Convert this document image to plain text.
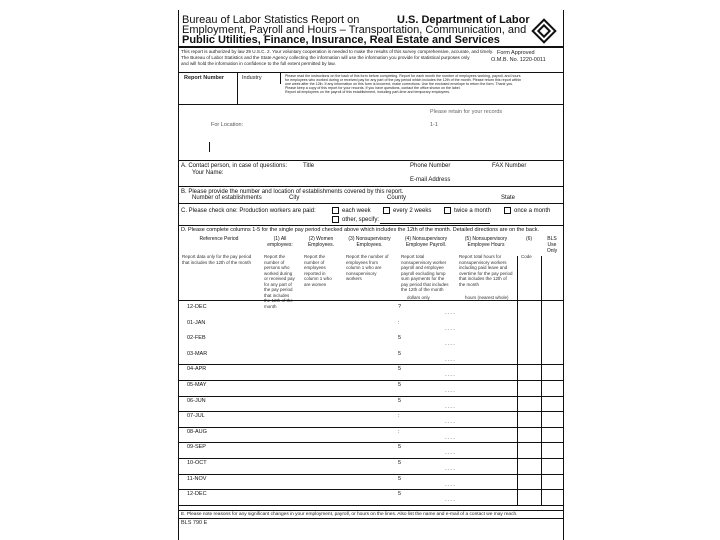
Bureau of Labor Statistics Report on	U.S. Department of Labor
Employment, Payroll and Hours – Transportation, Communication, and
Public Utilities, Finance, Insurance, Real Estate and Services
This report is authorized by law 29 U.S.C. 2. Your voluntary cooperation is needed to make the results of this survey comprehensive, accurate, and timely.
The Bureau of Labor Statistics and the State Agency collecting the information will use the information you provide for statistical purposes only
and will hold the information in confidence to the full extent permitted by law.
Form Approved
O.M.B. No. 1220-0011
Report Number	Industry	Please read the instructions on the back of this form before completing. Report for each month the number of employees working, payroll, and hours
for employees who worked during or received pay for any part of the pay period which includes the 12th of the month. Please return this report within
one week after the 12th. If any information on this form is incorrect, make corrections. Use the enclosed envelope to return the form. Thank you.
Please keep a copy of this report for your records. If you have questions, contact the office shown on the label.
Report all employees on the payroll of this establishment, including part-time and temporary employees.
Please retain for your records
For Location:	1-1
A. Contact person, in case of questions:	Title	Phone Number	FAX Number
Your Name:
E-mail Address
B. Please provide the number and location of establishments covered by this report.
Number of establishments	City	County	State
C. Please check one: Production workers are paid:	each week	every 2 weeks	twice a month	once a month
other, specify:
D. Please complete columns 1-5 for the single pay period checked above which includes the 12th of the month. Detailed directions are on the back.
Reference Period
Report data only for the pay period that includes the 12th of the month
(1) All employees:
Report the number of persons who worked during or received pay for any part of the pay period that includes month
(2) Women Employees.
Report the number of employees reported in column 1 who are women
(3) Nonsupervisory Employees.
Report the number of employees from column 1 who are nonsupervisory workers
(4) Nonsupervisory Employee Payroll.
Report total nonsupervisory worker payroll and employee payroll excluding lump sum payments for the pay period that includes the 12th of the month
dollars only
(5) Nonsupervisory Employee Hours
Report total hours for nonsupervisory workers including paid leave and overtime for the pay period that includes the 12th of the month
hours (nearest whole)
(6)
Code
BLS Use Only
12-DEC	?
- - - -
01-JAN	:
- - - -
02-FEB	5
- - - -
03-MAR	5
- - - -
04-APR	5
- - - -
05-MAY	5
- - - -
06-JUN	5
- - - -
07-JUL	:
- - - -
08-AUG	:
- - - -
09-SEP	5
- - - -
10-OCT	5
- - - -
11-NOV	5
- - - -
12-DEC	5
- - - -
E. Please note reasons for any significant changes in your employment, payroll, or hours on the lines. Also list the name and e-mail of a contact we may reach.
BLS 790 E
